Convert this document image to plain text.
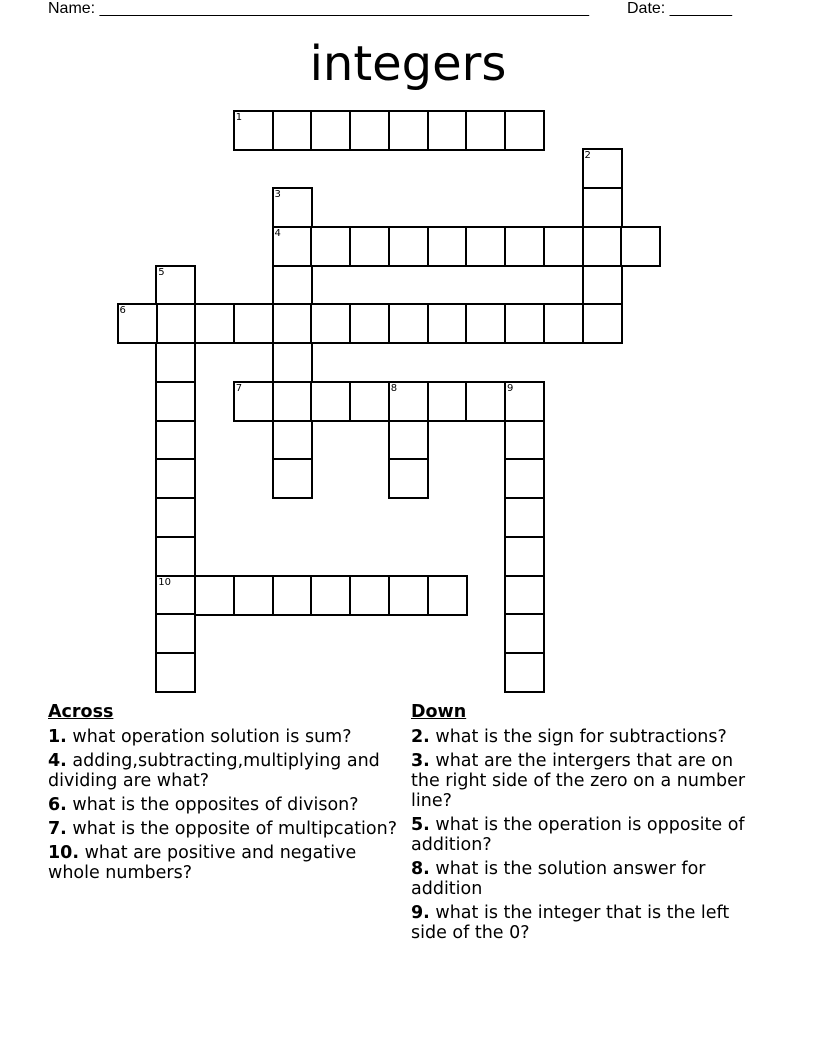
Name: _______________________________________________________ Date: _______
integers
1
2
3
4
5
10
6
7	8	9
Across
1. what operation solution is sum?
4. adding,subtracting,multiplying and dividing are what?
6. what is the opposites of divison?
7. what is the opposite of multipcation?
10. what are positive and negative whole numbers?
Down
2. what is the sign for subtractions?
3. what are the intergers that are on the right side of the zero on a number line?
5. what is the operation is opposite of addition?
8. what is the solution answer for addition
9. what is the integer that is the left side of the 0?
